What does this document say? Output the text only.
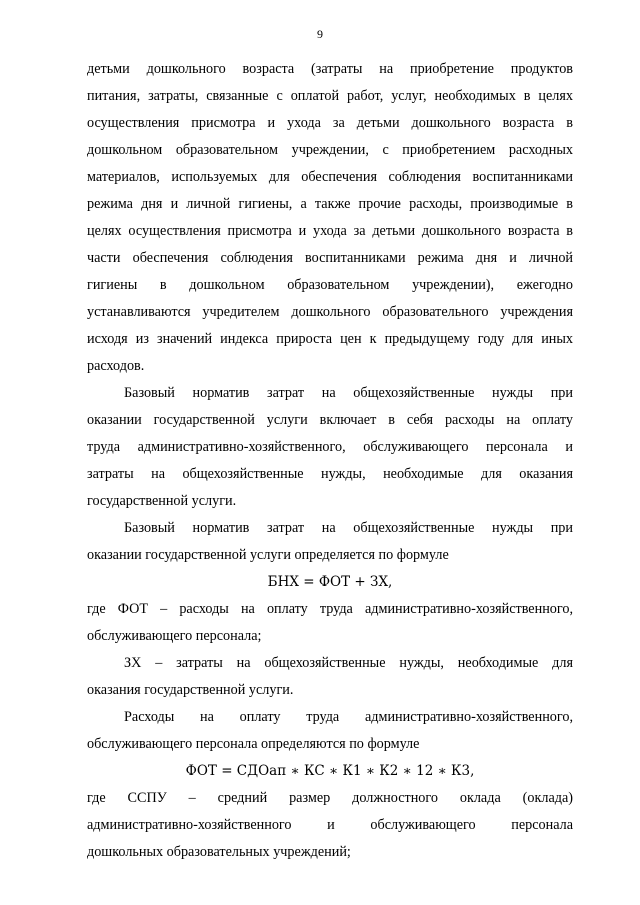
9

детьми дошкольного возраста (затраты на приобретение продуктов
питания, затраты, связанные с оплатой работ, услуг, необходимых в целях
осуществления присмотра и ухода за детьми дошкольного возраста в
дошкольном образовательном учреждении, с приобретением расходных
материалов, используемых для обеспечения соблюдения воспитанниками
режима дня и личной гигиены, а также прочие расходы, производимые в
целях осуществления присмотра и ухода за детьми дошкольного возраста в
части обеспечения соблюдения воспитанниками режима дня и личной
гигиены в дошкольном образовательном учреждении), ежегодно
устанавливаются учредителем дошкольного образовательного учреждения
исходя из значений индекса прироста цен к предыдущему году для иных
расходов.

Базовый норматив затрат на общехозяйственные нужды при
оказании государственной услуги включает в себя расходы на оплату
труда административно-хозяйственного, обслуживающего персонала и
затраты на общехозяйственные нужды, необходимые для оказания
государственной услуги.

Базовый норматив затрат на общехозяйственные нужды при
оказании государственной услуги определяется по формуле

БНХ = ФОТ + ЗХ,

где ФОТ – расходы на оплату труда административно-хозяйственного,
обслуживающего персонала;

ЗХ – затраты на общехозяйственные нужды, необходимые для
оказания государственной услуги.

Расходы на оплату труда административно-хозяйственного,
обслуживающего персонала определяются по формуле

ФОТ = СДОап ∗ КС ∗ К1 ∗ К2 ∗ 12 ∗ К3,

где ССПУ – средний размер должностного оклада (оклада)
административно-хозяйственного и обслуживающего персонала
дошкольных образовательных учреждений;
